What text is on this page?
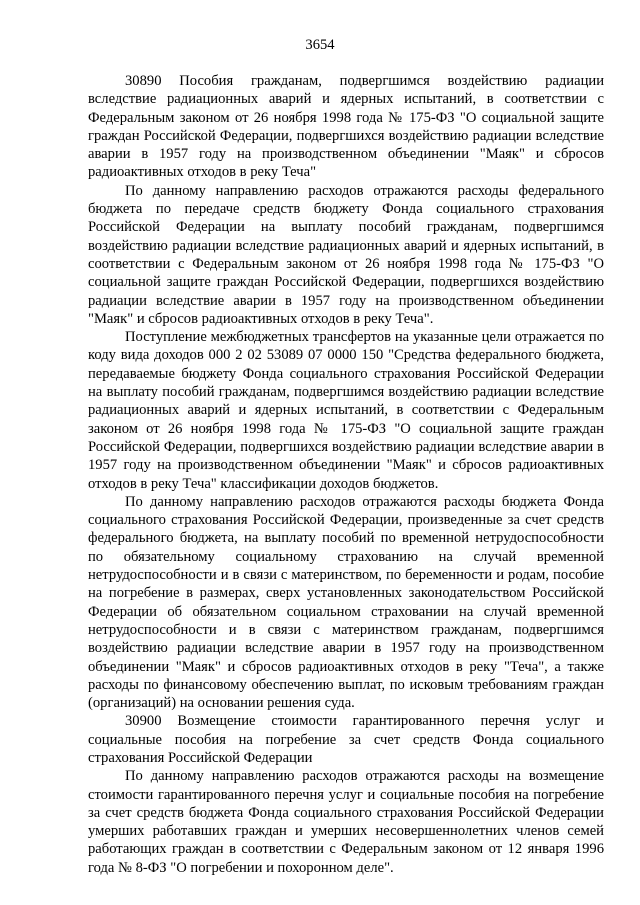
3654

30890 Пособия гражданам, подвергшимся воздействию радиации вследствие радиационных аварий и ядерных испытаний, в соответствии с Федеральным законом от 26 ноября 1998 года № 175-ФЗ "О социальной защите граждан Российской Федерации, подвергшихся воздействию радиации вследствие аварии в 1957 году на производственном объединении "Маяк" и сбросов радиоактивных отходов в реку Теча"

По данному направлению расходов отражаются расходы федерального бюджета по передаче средств бюджету Фонда социального страхования Российской Федерации на выплату пособий гражданам, подвергшимся воздействию радиации вследствие радиационных аварий и ядерных испытаний, в соответствии с Федеральным законом от 26 ноября 1998 года № 175-ФЗ "О социальной защите граждан Российской Федерации, подвергшихся воздействию радиации вследствие аварии в 1957 году на производственном объединении "Маяк" и сбросов радиоактивных отходов в реку Теча".

Поступление межбюджетных трансфертов на указанные цели отражается по коду вида доходов 000 2 02 53089 07 0000 150 "Средства федерального бюджета, передаваемые бюджету Фонда социального страхования Российской Федерации на выплату пособий гражданам, подвергшимся воздействию радиации вследствие радиационных аварий и ядерных испытаний, в соответствии с Федеральным законом от 26 ноября 1998 года № 175-ФЗ "О социальной защите граждан Российской Федерации, подвергшихся воздействию радиации вследствие аварии в 1957 году на производственном объединении "Маяк" и сбросов радиоактивных отходов в реку Теча" классификации доходов бюджетов.

По данному направлению расходов отражаются расходы бюджета Фонда социального страхования Российской Федерации, произведенные за счет средств федерального бюджета, на выплату пособий по временной нетрудоспособности по обязательному социальному страхованию на случай временной нетрудоспособности и в связи с материнством, по беременности и родам, пособие на погребение в размерах, сверх установленных законодательством Российской Федерации об обязательном социальном страховании на случай временной нетрудоспособности и в связи с материнством гражданам, подвергшимся воздействию радиации вследствие аварии в 1957 году на производственном объединении "Маяк" и сбросов радиоактивных отходов в реку "Теча", а также расходы по финансовому обеспечению выплат, по исковым требованиям граждан (организаций) на основании решения суда.

30900 Возмещение стоимости гарантированного перечня услуг и социальные пособия на погребение за счет средств Фонда социального страхования Российской Федерации

По данному направлению расходов отражаются расходы на возмещение стоимости гарантированного перечня услуг и социальные пособия на погребение за счет средств бюджета Фонда социального страхования Российской Федерации умерших работавших граждан и умерших несовершеннолетних членов семей работающих граждан в соответствии с Федеральным законом от 12 января 1996 года № 8-ФЗ "О погребении и похоронном деле".
